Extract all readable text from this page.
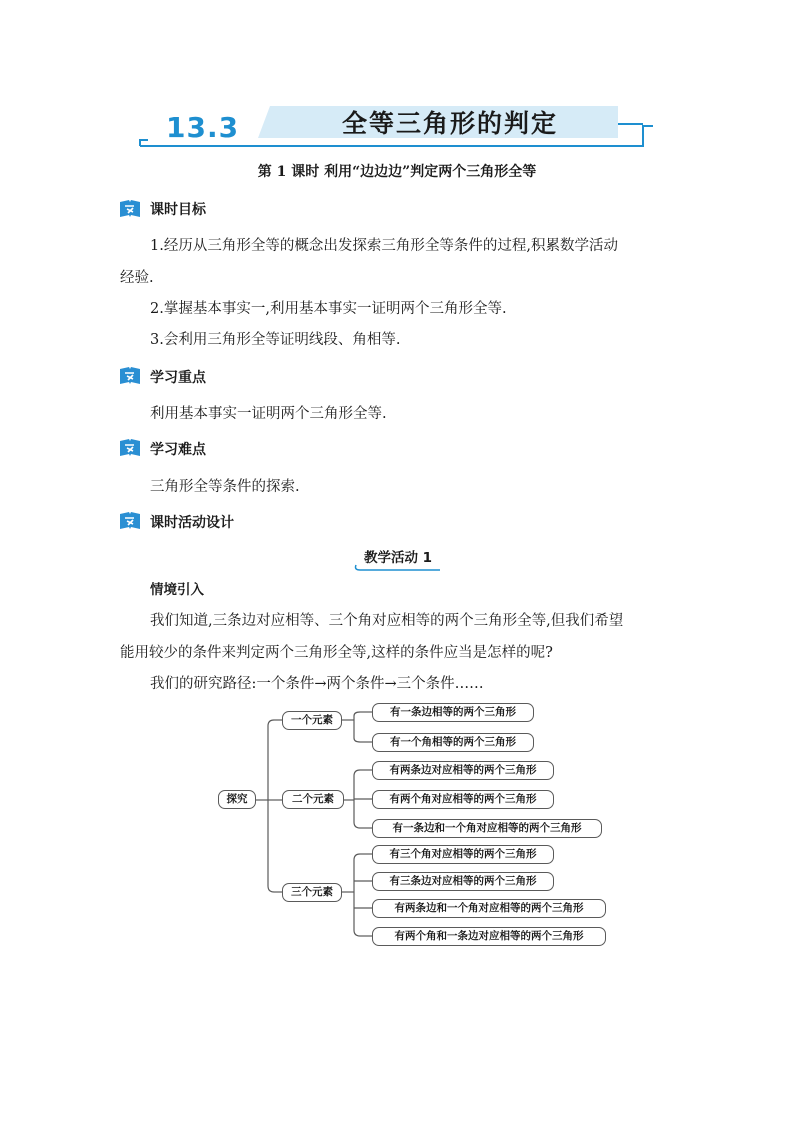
13.3	全等三角形的判定
第 1 课时 利用“边边边”判定两个三角形全等
课时目标
1.经历从三角形全等的概念出发探索三角形全等条件的过程,积累数学活动
经验.
2.掌握基本事实一,利用基本事实一证明两个三角形全等.
3.会利用三角形全等证明线段、角相等.
学习重点
利用基本事实一证明两个三角形全等.
学习难点
三角形全等条件的探索.
课时活动设计
教学活动 1
情境引入
我们知道,三条边对应相等、三个角对应相等的两个三角形全等,但我们希望
能用较少的条件来判定两个三角形全等,这样的条件应当是怎样的呢?
我们的研究路径:一个条件→两个条件→三个条件……
探究
一个元素
二个元素
三个元素
有一条边相等的两个三角形
有一个角相等的两个三角形
有两条边对应相等的两个三角形
有两个角对应相等的两个三角形
有一条边和一个角对应相等的两个三角形
有三个角对应相等的两个三角形
有三条边对应相等的两个三角形
有两条边和一个角对应相等的两个三角形
有两个角和一条边对应相等的两个三角形
